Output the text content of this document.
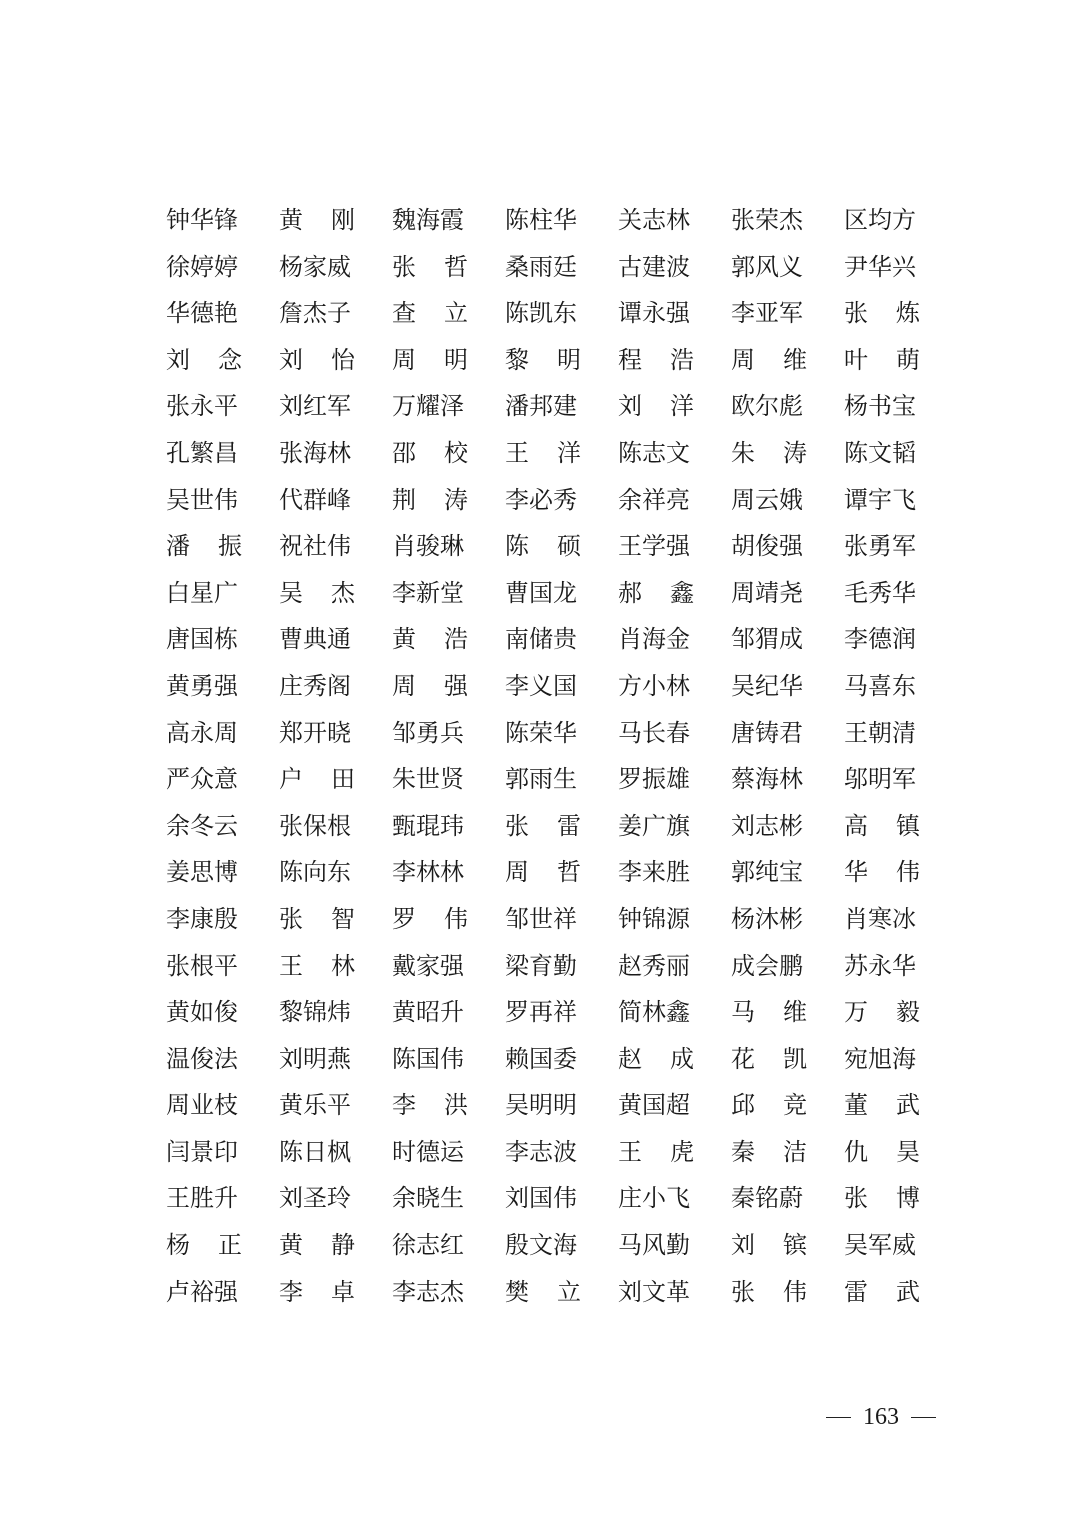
钟华锋 黄 刚 魏海霞 陈柱华 关志林 张荣杰 区均方
徐婷婷 杨家威 张 哲 桑雨廷 古建波 郭风义 尹华兴
华德艳 詹杰子 查 立 陈凯东 谭永强 李亚军 张 炼
刘 念 刘 怡 周 明 黎 明 程 浩 周 维 叶 萌
张永平 刘红军 万耀泽 潘邦建 刘 洋 欧尔彪 杨书宝
孔繁昌 张海林 邵 校 王 洋 陈志文 朱 涛 陈文韬
吴世伟 代群峰 荆 涛 李必秀 余祥亮 周云娥 谭宇飞
潘 振 祝社伟 肖骏琳 陈 硕 王学强 胡俊强 张勇军
白星广 吴 杰 李新堂 曹国龙 郝 鑫 周靖尧 毛秀华
唐国栋 曹典通 黄 浩 南储贵 肖海金 邹猬成 李德润
黄勇强 庄秀阁 周 强 李义国 方小林 吴纪华 马喜东
高永周 郑开晓 邹勇兵 陈荣华 马长春 唐铸君 王朝清
严众意 户 田 朱世贤 郭雨生 罗振雄 蔡海林 邬明军
余冬云 张保根 甄琨玮 张 雷 姜广旗 刘志彬 高 镇
姜思博 陈向东 李林林 周 哲 李来胜 郭纯宝 华 伟
李康殷 张 智 罗 伟 邹世祥 钟锦源 杨沐彬 肖寒冰
张根平 王 林 戴家强 梁育勤 赵秀丽 成会鹏 苏永华
黄如俊 黎锦炜 黄昭升 罗再祥 简林鑫 马 维 万 毅
温俊法 刘明燕 陈国伟 赖国委 赵 成 花 凯 宛旭海
周业枝 黄乐平 李 洪 吴明明 黄国超 邱 竞 董 武
闫景印 陈日枫 时德运 李志波 王 虎 秦 洁 仇 昊
王胜升 刘圣玲 余晓生 刘国伟 庄小飞 秦铭蔚 张 博
杨 正 黄 静 徐志红 殷文海 马风勤 刘 镔 吴军威
卢裕强 李 卓 李志杰 樊 立 刘文革 张 伟 雷 武
163
